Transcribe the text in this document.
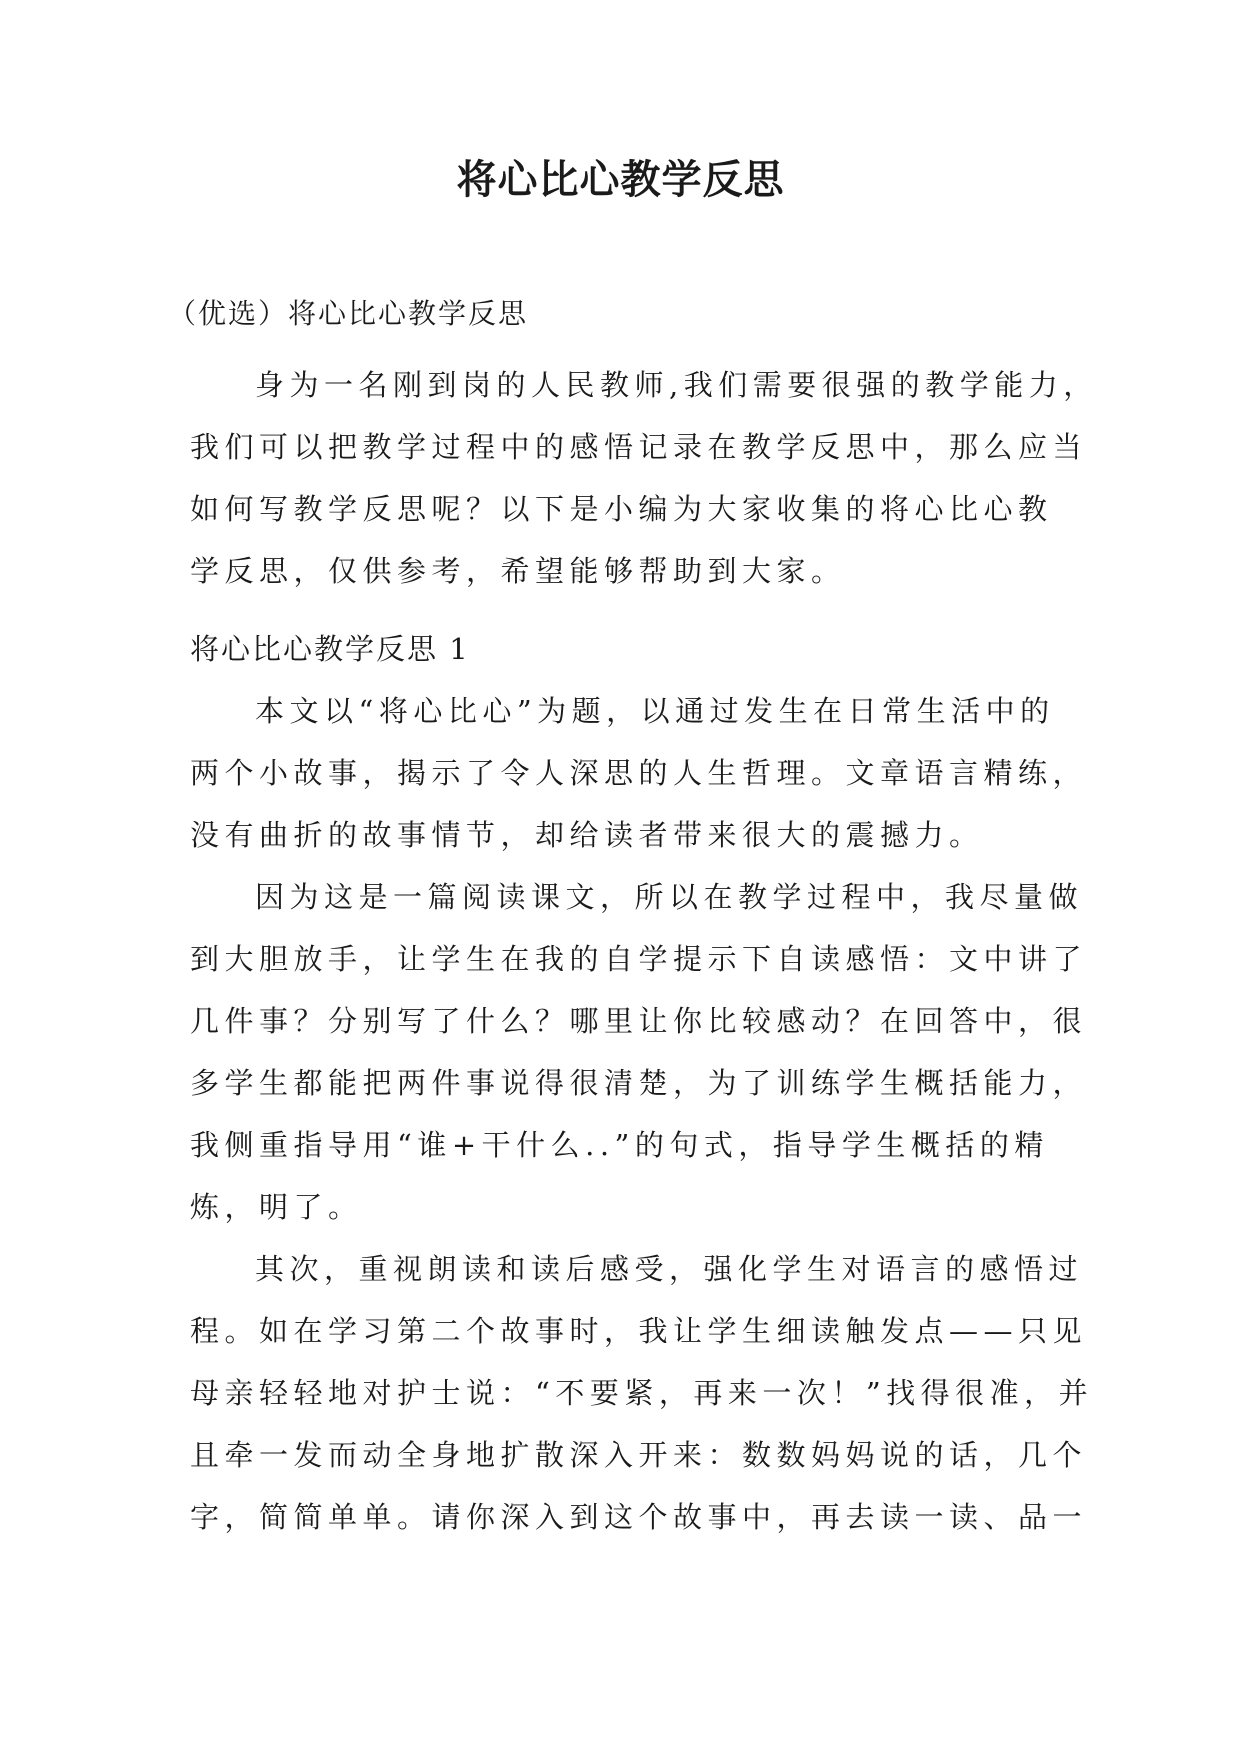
将心比心教学反思
（优选）将心比心教学反思
身为一名刚到岗的人民教师,我们需要很强的教学能力，
我们可以把教学过程中的感悟记录在教学反思中，那么应当
如何写教学反思呢？以下是小编为大家收集的将心比心教
学反思，仅供参考，希望能够帮助到大家。
将心比心教学反思 1
本文以“将心比心”为题，以通过发生在日常生活中的
两个小故事，揭示了令人深思的人生哲理。文章语言精练，
没有曲折的故事情节，却给读者带来很大的震撼力。
因为这是一篇阅读课文，所以在教学过程中，我尽量做
到大胆放手，让学生在我的自学提示下自读感悟：文中讲了
几件事？分别写了什么？哪里让你比较感动？在回答中，很
多学生都能把两件事说得很清楚，为了训练学生概括能力，
我侧重指导用“谁+干什么..”的句式，指导学生概括的精
炼，明了。
其次，重视朗读和读后感受，强化学生对语言的感悟过
程。如在学习第二个故事时，我让学生细读触发点——只见
母亲轻轻地对护士说：“不要紧，再来一次！”找得很准，并
且牵一发而动全身地扩散深入开来：数数妈妈说的话，几个
字，简简单单。请你深入到这个故事中，再去读一读、品一
